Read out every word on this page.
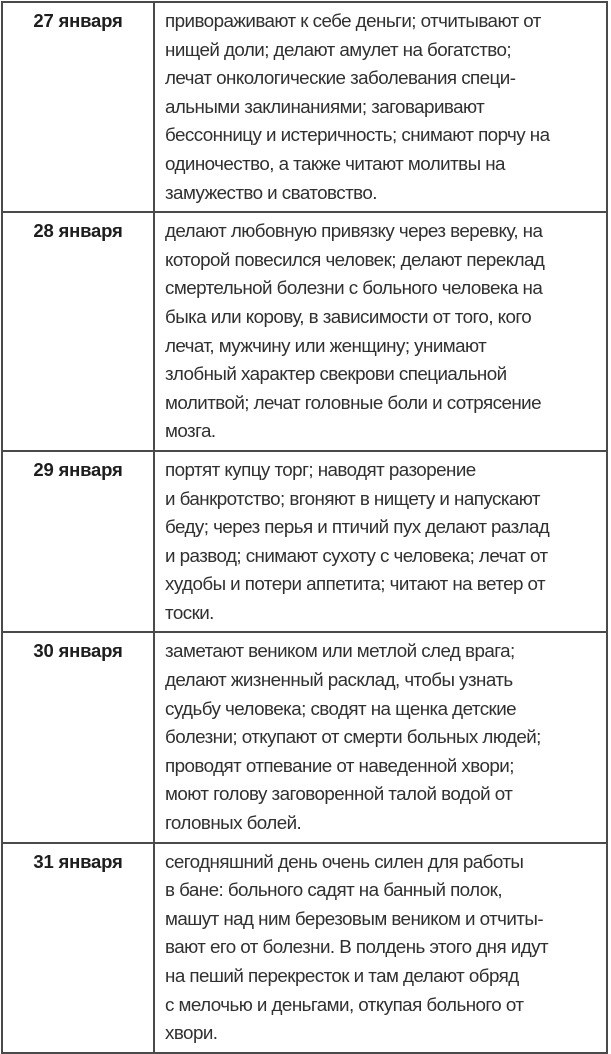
27 января	привораживают к себе деньги; отчитывают от
нищей доли; делают амулет на богатство;
лечат онкологические заболевания специ-
альными заклинаниями; заговаривают
бессонницу и истеричность; снимают порчу на
одиночество, а также читают молитвы на
замужество и сватовство.

28 января	делают любовную привязку через веревку, на
которой повесился человек; делают переклад
смертельной болезни с больного человека на
быка или корову, в зависимости от того, кого
лечат, мужчину или женщину; унимают
злобный характер свекрови специальной
молитвой; лечат головные боли и сотрясение
мозга.

29 января	портят купцу торг; наводят разорение
и банкротство; вгоняют в нищету и напускают
беду; через перья и птичий пух делают разлад
и развод; снимают сухоту с человека; лечат от
худобы и потери аппетита; читают на ветер от
тоски.

30 января	заметают веником или метлой след врага;
делают жизненный расклад, чтобы узнать
судьбу человека; сводят на щенка детские
болезни; откупают от смерти больных людей;
проводят отпевание от наведенной хвори;
моют голову заговоренной талой водой от
головных болей.

31 января	сегодняшний день очень силен для работы
в бане: больного садят на банный полок,
машут над ним березовым веником и отчиты-
вают его от болезни. В полдень этого дня идут
на пеший перекресток и там делают обряд
с мелочью и деньгами, откупая больного от
хвори.
